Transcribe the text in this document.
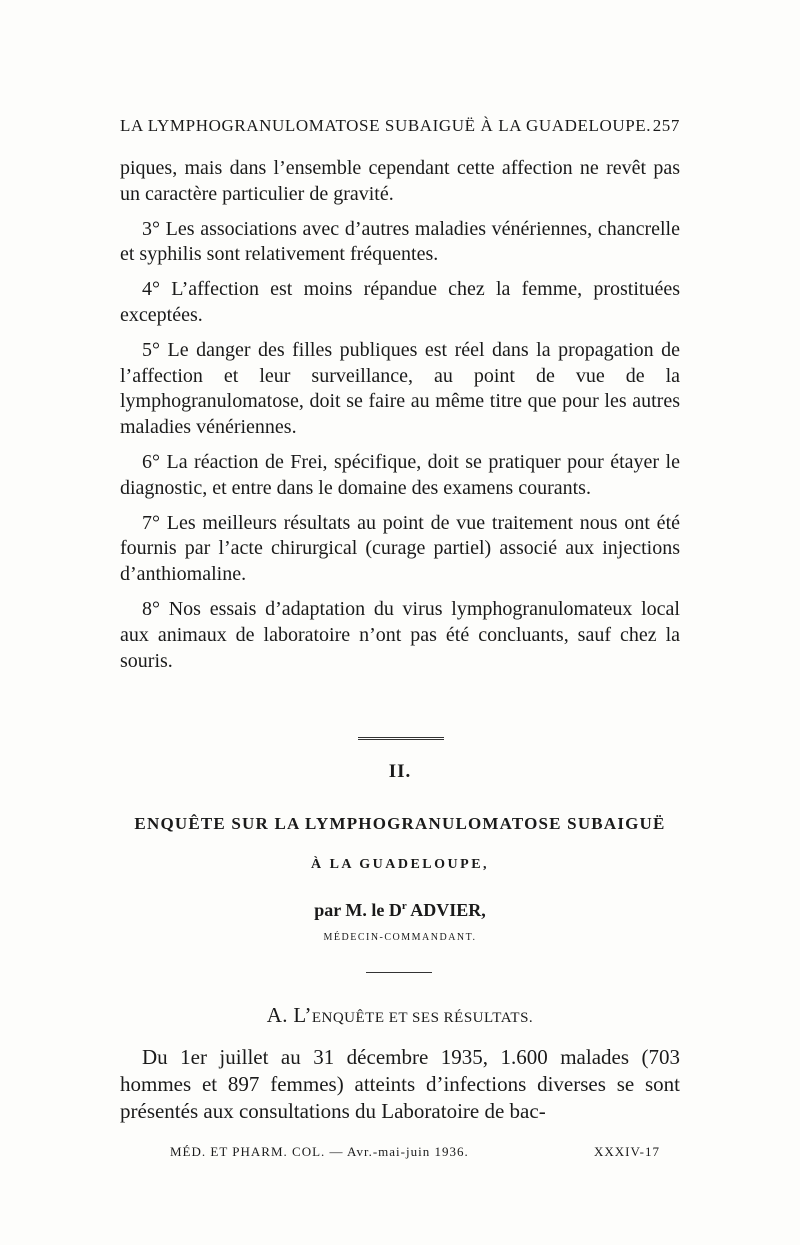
LA LYMPHOGRANULOMATOSE SUBAIGUË À LA GUADELOUPE. 257

piques, mais dans l’ensemble cependant cette affection ne revêt pas un caractère particulier de gravité.

3° Les associations avec d’autres maladies vénériennes, chancrelle et syphilis sont relativement fréquentes.

4° L’affection est moins répandue chez la femme, prostituées exceptées.

5° Le danger des filles publiques est réel dans la propagation de l’affection et leur surveillance, au point de vue de la lymphogranulomatose, doit se faire au même titre que pour les autres maladies vénériennes.

6° La réaction de Frei, spécifique, doit se pratiquer pour étayer le diagnostic, et entre dans le domaine des examens courants.

7° Les meilleurs résultats au point de vue traitement nous ont été fournis par l’acte chirurgical (curage partiel) associé aux injections d’anthiomaline.

8° Nos essais d’adaptation du virus lymphogranulomateux local aux animaux de laboratoire n’ont pas été concluants, sauf chez la souris.

II.
ENQUÊTE SUR LA LYMPHOGRANULOMATOSE SUBAIGUË
À LA GUADELOUPE,
par M. le $D^r$ ADVIER,
MÉDECIN-COMMANDANT.
A. L’ENQUÊTE ET SES RÉSULTATS.

Du 1er juillet au 31 décembre 1935, 1.600 malades (703 hommes et 897 femmes) atteints d’infections diverses se sont présentés aux consultations du Laboratoire de bac-

MÉD. ET PHARM. COL. — Avr.-mai-juin 1936.	XXXIV-17
